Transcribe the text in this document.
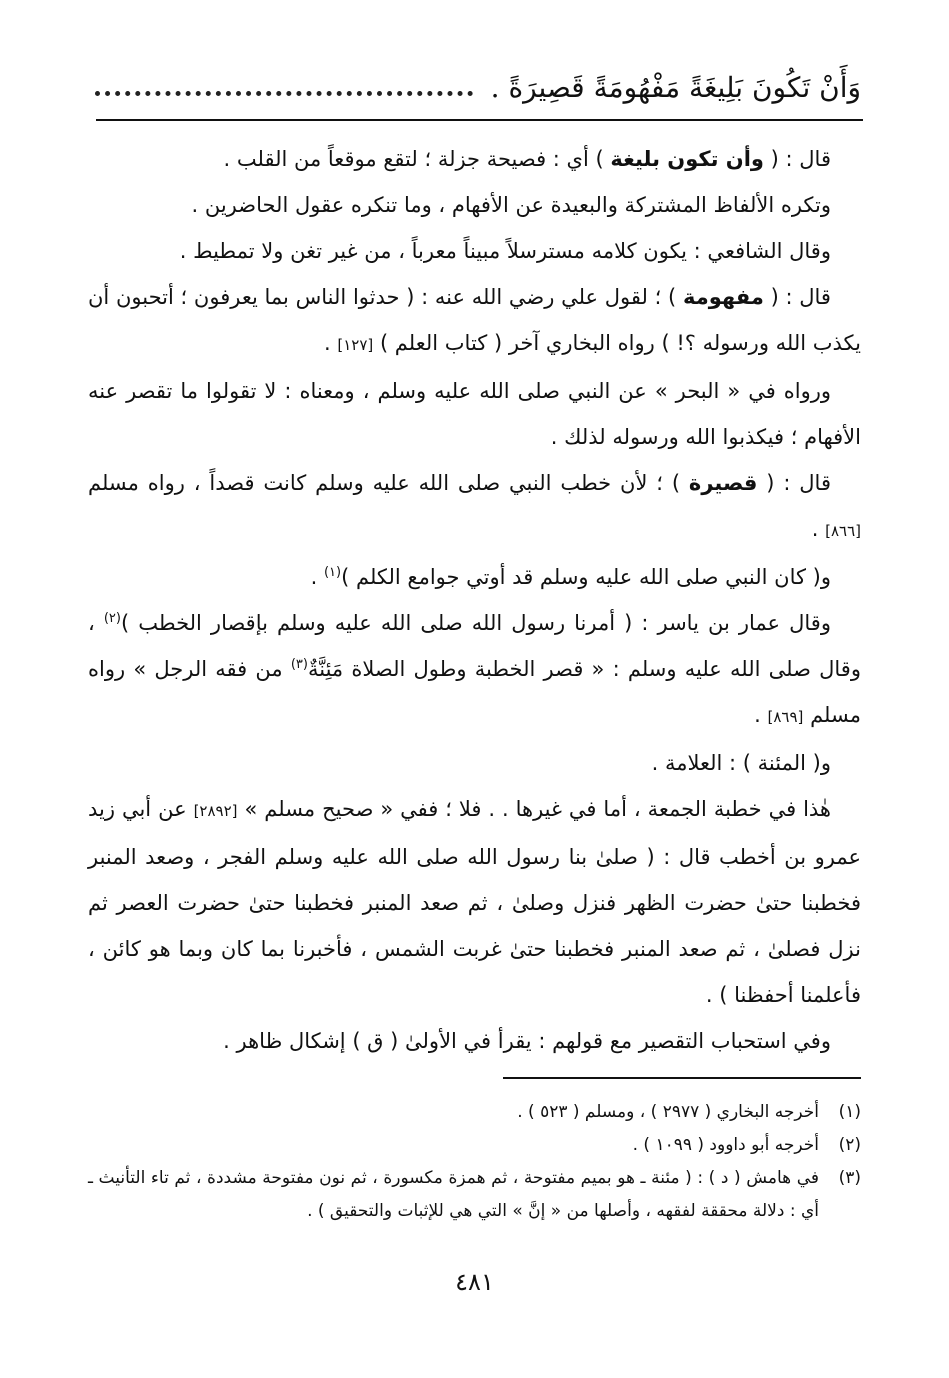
وَأَنْ تَكُونَ بَلِيغَةً مَفْهُومَةً قَصِيرَةً .

قال : ( وأن تكون بليغة ) أي : فصيحة جزلة ؛ لتقع موقعاً من القلب .

وتكره الألفاظ المشتركة والبعيدة عن الأفهام ، وما تنكره عقول الحاضرين .

وقال الشافعي : يكون كلامه مسترسلاً مبيناً معرباً ، من غير تغن ولا تمطيط .

قال : ( مفهومة ) ؛ لقول علي رضي الله عنه : ( حدثوا الناس بما يعرفون ؛ أتحبون أن يكذب الله ورسوله ؟! ) رواه البخاري آخر ( كتاب العلم ) [١٢٧] .

ورواه في « البحر » عن النبي صلى الله عليه وسلم ، ومعناه : لا تقولوا ما تقصر عنه الأفهام ؛ فيكذبوا الله ورسوله لذلك .

قال : ( قصيرة ) ؛ لأن خطب النبي صلى الله عليه وسلم كانت قصداً ، رواه مسلم [٨٦٦] .

و( كان النبي صلى الله عليه وسلم قد أوتي جوامع الكلم )$^{(١)}$ .

وقال عمار بن ياسر : ( أمرنا رسول الله صلى الله عليه وسلم بإقصار الخطب )$^{(٢)}$ ، وقال صلى الله عليه وسلم : « قصر الخطبة وطول الصلاة مَئِنَّةٌ$^{(٣)}$ من فقه الرجل » رواه مسلم [٨٦٩] .

و( المئنة ) : العلامة .

هٰذا في خطبة الجمعة ، أما في غيرها . . فلا ؛ ففي « صحيح مسلم » [٢٨٩٢] عن أبي زيد عمرو بن أخطب قال : ( صلىٰ بنا رسول الله صلى الله عليه وسلم الفجر ، وصعد المنبر فخطبنا حتىٰ حضرت الظهر فنزل وصلىٰ ، ثم صعد المنبر فخطبنا حتىٰ حضرت العصر ثم نزل فصلىٰ ، ثم صعد المنبر فخطبنا حتىٰ غربت الشمس ، فأخبرنا بما كان وبما هو كائن ، فأعلمنا أحفظنا ) .

وفي استحباب التقصير مع قولهم : يقرأ في الأولىٰ ( ق ) إشكال ظاهر .

(١)
أخرجه البخاري ( ٢٩٧٧ ) ، ومسلم ( ٥٢٣ ) .

(٢)
أخرجه أبو داوود ( ١٠٩٩ ) .

(٣)
في هامش ( د ) : ( مئنة ـ هو بميم مفتوحة ، ثم همزة مكسورة ، ثم نون مفتوحة مشددة ، ثم تاء التأنيث ـ أي : دلالة محققة لفقهه ، وأصلها من « إنَّ » التي هي للإثبات والتحقيق ) .

٤٨١
